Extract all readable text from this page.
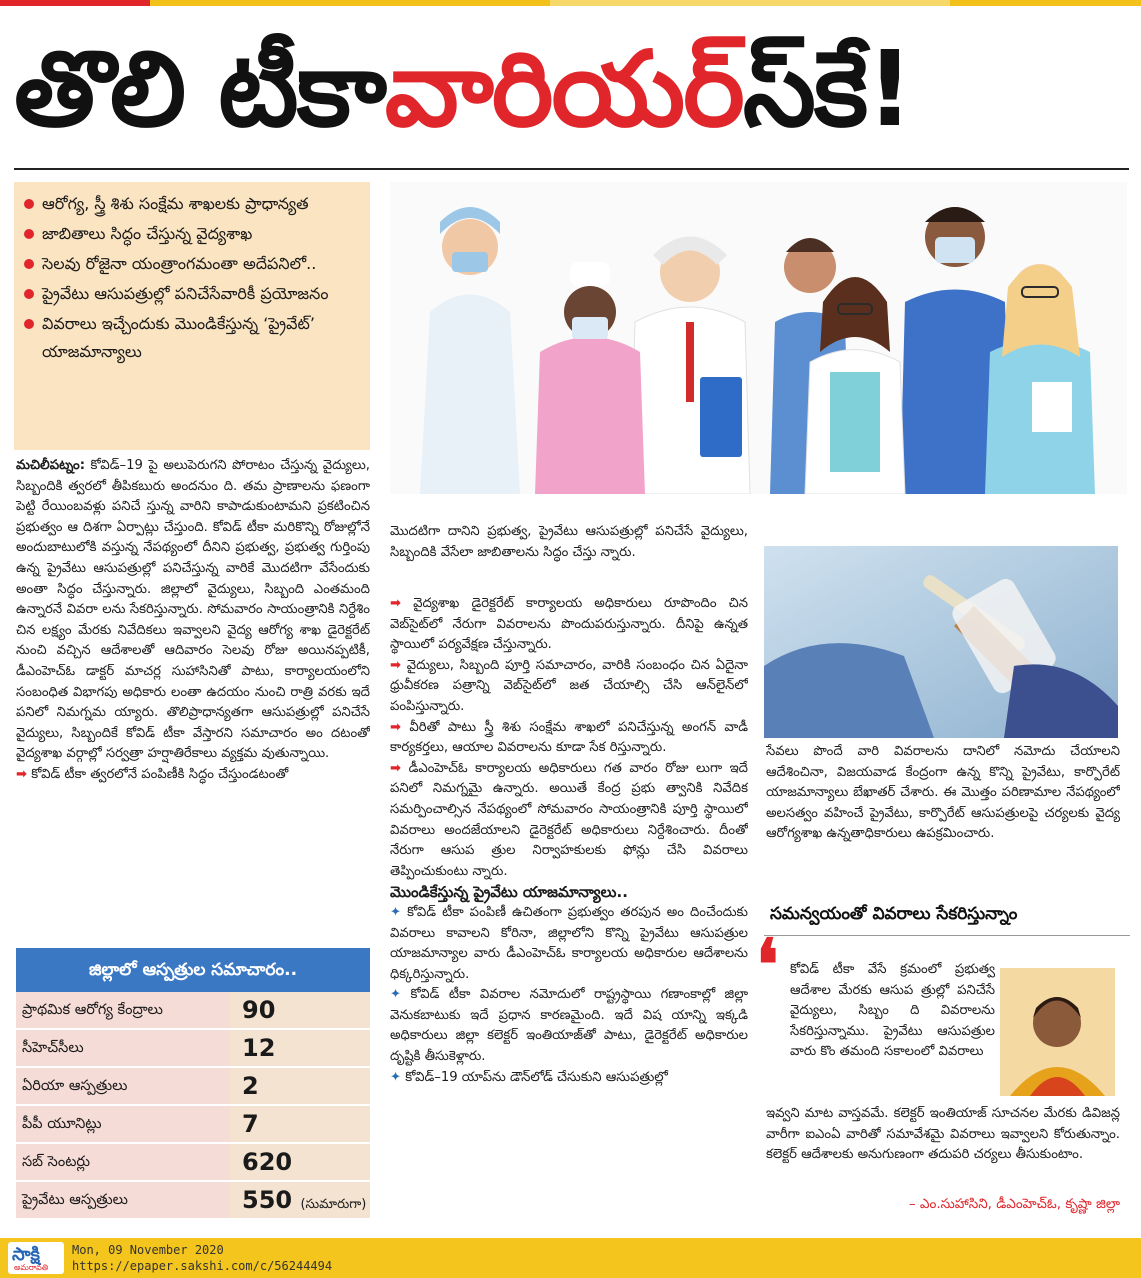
తొలి టీకా వారియర్ స్‌కే!
ఆరోగ్య, స్త్రీ శిశు సంక్షేమ శాఖలకు ప్రాధాన్యత
జాబితాలు సిద్ధం చేస్తున్న వైద్యశాఖ
సెలవు రోజైనా యంత్రాంగమంతా అదేపనిలో..
ప్రైవేటు ఆసుపత్రుల్లో పనిచేసేవారికీ ప్రయోజనం
వివరాలు ఇచ్చేందుకు మొండికేస్తున్న ‘ప్రైవేట్’ యాజమాన్యాలు

మచిలీపట్నం: కోవిడ్‌–19 పై అలుపెరుగని పోరాటం చేస్తున్న వైద్యులు, సిబ్బందికి త్వరలో తీపికబురు అందనుం ది. తమ ప్రాణాలను ఫణంగా పెట్టి రేయింబవళ్లు పనిచే స్తున్న వారిని కాపాడుకుంటామని ప్రకటించిన ప్రభుత్వం ఆ దిశగా ఏర్పాట్లు చేస్తుంది. కోవిడ్‌ టీకా మరికొన్ని రోజుల్లోనే అందుబాటులోకి వస్తున్న నేపథ్యంలో దీనిని ప్రభుత్వ, ప్రభుత్వ గుర్తింపు ఉన్న ప్రైవేటు ఆసుపత్రుల్లో పనిచేస్తున్న వారికే మొదటిగా వేసేందుకు అంతా సిద్ధం చేస్తున్నారు. జిల్లాలో వైద్యులు, సిబ్బంది ఎంతమంది ఉన్నారనే వివరా లను సేకరిస్తున్నారు. సోమవారం సాయంత్రానికి నిర్దేశిం చిన లక్ష్యం మేరకు నివేదికలు ఇవ్వాలని వైద్య ఆరోగ్య శాఖ డైరెక్టరేట్‌ నుంచి వచ్చిన ఆదేశాలతో ఆదివారం సెలవు రోజు అయినప్పటికీ, డీఎంహెచ్‌ఓ డాక్టర్‌ మాచర్ల సుహాసినితో పాటు, కార్యాలయంలోని సంబంధిత విభాగపు అధికారు లంతా ఉదయం నుంచి రాత్రి వరకు ఇదే పనిలో నిమగ్నమ య్యారు. తొలిప్రాధాన్యతగా ఆసుపత్రుల్లో పనిచేసే వైద్యులు, సిబ్బందికే కోవిడ్‌ టీకా వేస్తారని సమాచారం అం దటంతో వైద్యశాఖ వర్గాల్లో సర్వత్రా హర్షాతిరేకాలు వ్యక్తమ వుతున్నాయి.

➡ కోవిడ్‌ టీకా త్వరలోనే పంపిణీకి సిద్ధం చేస్తుండటంతో

జిల్లాలో ఆస్పత్రుల సమాచారం..
ప్రాథమిక ఆరోగ్య కేంద్రాలు	90
సీహెచ్‌సీలు	12
ఏరియా ఆస్పత్రులు	2
పీపీ యూనిట్లు	7
సబ్‌ సెంటర్లు	620
ప్రైవేటు ఆస్పత్రులు	550 (సుమారుగా)

మొదటిగా దానిని ప్రభుత్వ, ప్రైవేటు ఆసుపత్రుల్లో పనిచేసే వైద్యులు, సిబ్బందికి వేసేలా జాబితాలను సిద్ధం చేస్తు న్నారు.

➡ వైద్యశాఖ డైరెక్టరేట్‌ కార్యాలయ అధికారులు రూపొందిం చిన వెబ్‌సైట్‌లో నేరుగా వివరాలను పొందుపరుస్తున్నారు. దీనిపై ఉన్నత స్థాయిలో పర్యవేక్షణ చేస్తున్నారు.

➡ వైద్యులు, సిబ్బంది పూర్తి సమాచారం, వారికి సంబంధం చిన ఏదైనా ధ్రువీకరణ పత్రాన్ని వెబ్‌సైట్‌లో జత చేయాల్సి చేసి ఆన్‌లైన్‌లో పంపిస్తున్నారు.

➡ వీరితో పాటు స్త్రీ శిశు సంక్షేమ శాఖలో పనిచేస్తున్న అంగన్‌ వాడీ కార్యకర్తలు, ఆయాల వివరాలను కూడా సేక రిస్తున్నారు.

➡ డీఎంహెచ్‌ఓ కార్యాలయ అధికారులు గత వారం రోజు లుగా ఇదే పనిలో నిమగ్నమై ఉన్నారు. అయితే కేంద్ర ప్రభు త్వానికి నివేదిక సమర్పించాల్సిన నేపథ్యంలో సోమవారం సాయంత్రానికి పూర్తి స్థాయిలో వివరాలు అందజేయాలని డైరెక్టరేట్‌ అధికారులు నిర్దేశించారు. దీంతో నేరుగా ఆసుప త్రుల నిర్వాహకులకు ఫోన్లు చేసి వివరాలు తెప్పించుకుంటు న్నారు.

మొండికేస్తున్న ప్రైవేటు యాజమాన్యాలు..

✦ కోవిడ్‌ టీకా పంపిణీ ఉచితంగా ప్రభుత్వం తరపున అం దించేందుకు వివరాలు కావాలని కోరినా, జిల్లాలోని కొన్ని ప్రైవేటు ఆసుపత్రుల యాజమాన్యాల వారు డీఎంహెచ్‌ఓ కార్యాలయ అధికారుల ఆదేశాలను ధిక్కరిస్తున్నారు.

✦ కోవిడ్‌ టీకా వివరాల నమోదులో రాష్ట్రస్థాయి గణాంకాల్లో జిల్లా వెనుకబాటుకు ఇదే ప్రధాన కారణమైంది. ఇదే విష యాన్ని ఇక్కడి అధికారులు జిల్లా కలెక్టర్‌ ఇంతియాజ్‌తో పాటు, డైరెక్టరేట్‌ అధికారుల దృష్టికి తీసుకెళ్లారు.

✦ కోవిడ్‌–19 యాప్‌ను డౌన్‌లోడ్‌ చేసుకుని ఆసుపత్రుల్లో

సేవలు పొందే వారి వివరాలను దానిలో నమోదు చేయాలని ఆదేశించినా, విజయవాడ కేంద్రంగా ఉన్న కొన్ని ప్రైవేటు, కార్పొరేట్‌ యాజమాన్యాలు బేఖాతర్‌ చేశారు. ఈ మొత్తం పరిణామాల నేపథ్యంలో అలసత్వం వహించే ప్రైవేటు, కార్పొరేట్‌ ఆసుపత్రులపై చర్యలకు వైద్య ఆరోగ్యశాఖ ఉన్నతాధికారులు ఉపక్రమించారు.

సమన్వయంతో వివరాలు సేకరిస్తున్నాం
❛ కోవిడ్‌ టీకా వేసే క్రమంలో ప్రభుత్వ ఆదేశాల మేరకు ఆసుప త్రుల్లో పనిచేసే వైద్యులు, సిబ్బం ది వివరాలను సేకరిస్తున్నాము. ప్రైవేటు ఆసుపత్రుల వారు కొం తమంది సకాలంలో వివరాలు

ఇవ్వని మాట వాస్తవమే. కలెక్టర్‌ ఇంతియాజ్‌ సూచనల మేరకు డివిజన్ల వారీగా ఐఎంఏ వారితో సమావేశమై వివరాలు ఇవ్వాలని కోరుతున్నాం. కలెక్టర్‌ ఆదేశాలకు అనుగుణంగా తదుపరి చర్యలు తీసుకుంటాం.

– ఎం.సుహాసిని, డీఎంహెచ్‌ఓ, కృష్ణా జిల్లా
సాక్షి
అమరావతి
Mon, 09 November 2020
https://epaper.sakshi.com/c/56244494
